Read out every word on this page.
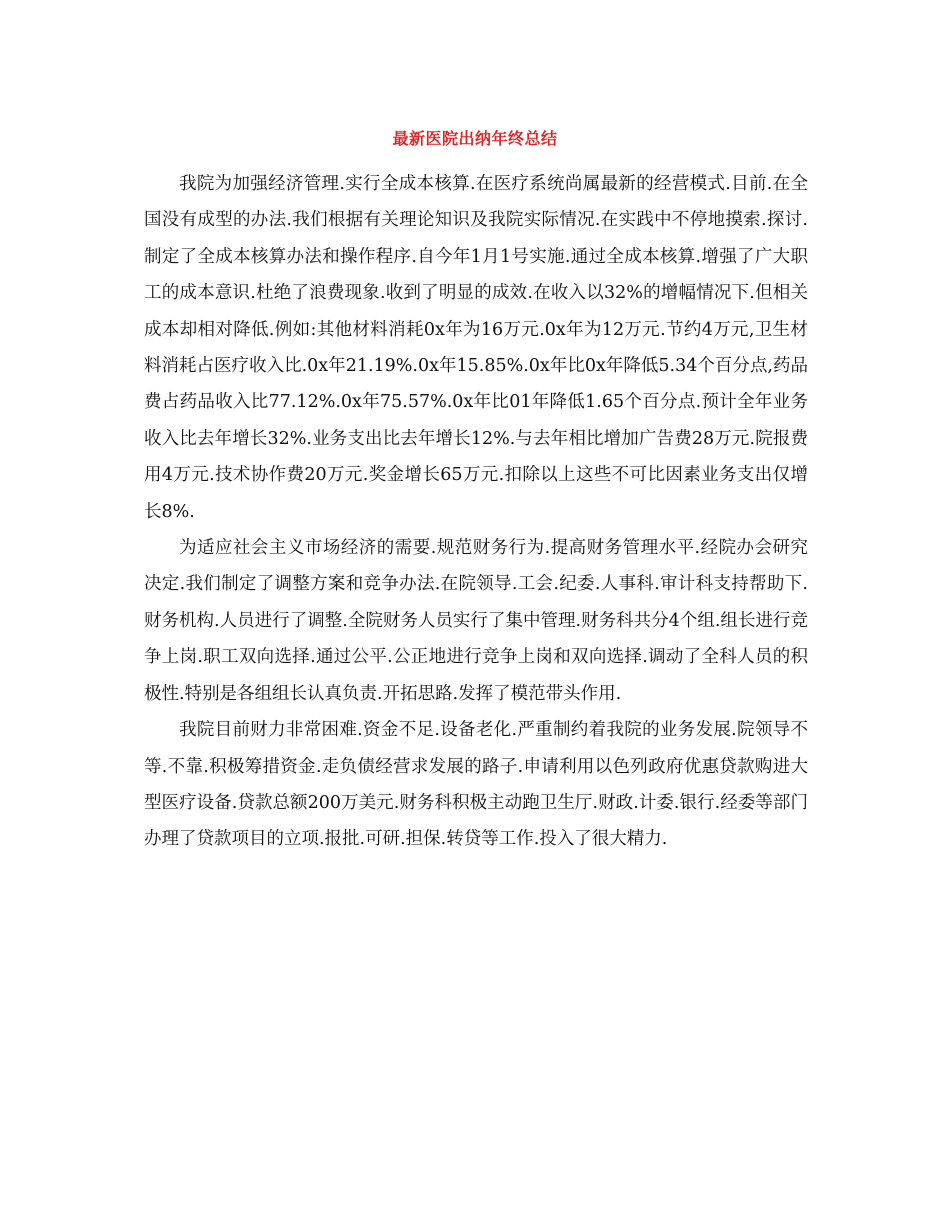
最新医院出纳年终总结

我院为加强经济管理.实行全成本核算.在医疗系统尚属最新的经营模式.目前.在全国没有成型的办法.我们根据有关理论知识及我院实际情况.在实践中不停地摸索.探讨.制定了全成本核算办法和操作程序.自今年1月1号实施.通过全成本核算.增强了广大职工的成本意识.杜绝了浪费现象.收到了明显的成效.在收入以32%的增幅情况下.但相关成本却相对降低.例如:其他材料消耗0x年为16万元.0x年为12万元.节约4万元,卫生材料消耗占医疗收入比.0x年21.19%.0x年15.85%.0x年比0x年降低5.34个百分点,药品费占药品收入比77.12%.0x年75.57%.0x年比01年降低1.65个百分点.预计全年业务收入比去年增长32%.业务支出比去年增长12%.与去年相比增加广告费28万元.院报费用4万元.技术协作费20万元.奖金增长65万元.扣除以上这些不可比因素业务支出仅增长8%.

为适应社会主义市场经济的需要.规范财务行为.提高财务管理水平.经院办会研究决定.我们制定了调整方案和竞争办法.在院领导.工会.纪委.人事科.审计科支持帮助下.财务机构.人员进行了调整.全院财务人员实行了集中管理.财务科共分4个组.组长进行竞争上岗.职工双向选择.通过公平.公正地进行竞争上岗和双向选择.调动了全科人员的积极性.特别是各组组长认真负责.开拓思路.发挥了模范带头作用.

我院目前财力非常困难.资金不足.设备老化.严重制约着我院的业务发展.院领导不等.不靠.积极筹措资金.走负债经营求发展的路子.申请利用以色列政府优惠贷款购进大型医疗设备.贷款总额200万美元.财务科积极主动跑卫生厅.财政.计委.银行.经委等部门办理了贷款项目的立项.报批.可研.担保.转贷等工作.投入了很大精力.
